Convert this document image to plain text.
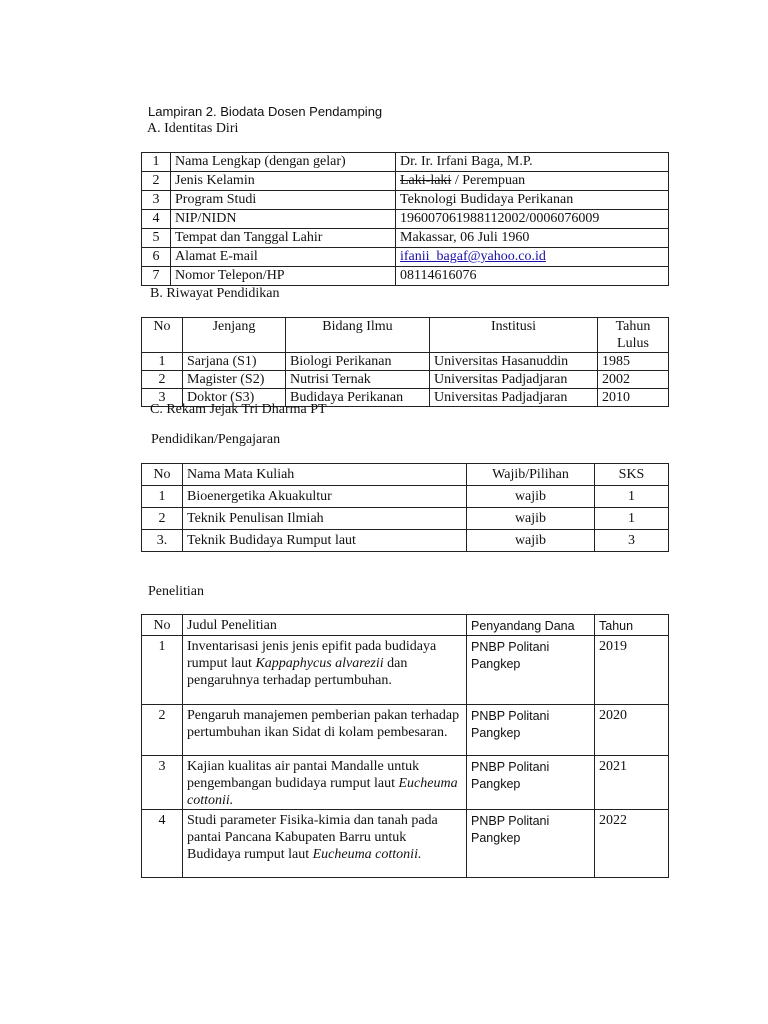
Lampiran 2. Biodata Dosen Pendamping
A. Identitas Diri
1	Nama Lengkap (dengan gelar)	Dr. Ir. Irfani Baga, M.P.
2	Jenis Kelamin	Laki-laki / Perempuan
3	Program Studi	Teknologi Budidaya Perikanan
4	NIP/NIDN	196007061988112002/0006076009
5	Tempat dan Tanggal Lahir	Makassar, 06 Juli 1960
6	Alamat E-mail	ifanii_bagaf@yahoo.co.id
7	Nomor Telepon/HP	08114616076
B. Riwayat Pendidikan
No	Jenjang	Bidang Ilmu	Institusi	Tahun Lulus
1	Sarjana (S1)	Biologi Perikanan	Universitas Hasanuddin	1985
2	Magister (S2)	Nutrisi Ternak	Universitas Padjadjaran	2002
3	Doktor (S3)	Budidaya Perikanan	Universitas Padjadjaran	2010
C. Rekam Jejak Tri Dharma PT
Pendidikan/Pengajaran
No	Nama Mata Kuliah	Wajib/Pilihan	SKS
1	Bioenergetika Akuakultur	wajib	1
2	Teknik Penulisan Ilmiah	wajib	1
3.	Teknik Budidaya Rumput laut	wajib	3
Penelitian
No	Judul Penelitian	Penyandang Dana	Tahun
1	Inventarisasi jenis jenis epifit pada budidaya rumput laut Kappaphycus alvarezii dan pengaruhnya terhadap pertumbuhan.	PNBP Politani Pangkep	2019
2	Pengaruh manajemen pemberian pakan terhadap pertumbuhan ikan Sidat di kolam pembesaran.	PNBP Politani Pangkep	2020
3	Kajian kualitas air pantai Mandalle untuk pengembangan budidaya rumput laut Eucheuma cottonii.	PNBP Politani Pangkep	2021
4	Studi parameter Fisika-kimia dan tanah pada pantai Pancana Kabupaten Barru untuk Budidaya rumput laut Eucheuma cottonii.	PNBP Politani Pangkep	2022
